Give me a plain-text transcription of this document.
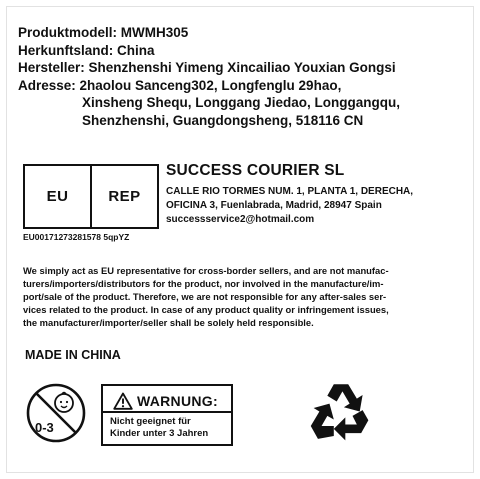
Produktmodell: MWMH305
Herkunftsland: China
Hersteller: Shenzhenshi Yimeng Xincailiao Youxian Gongsi
Adresse: 2haolou Sanceng302, Longfenglu 29hao,
Xinsheng Shequ, Longgang Jiedao, Longgangqu,
Shenzhenshi, Guangdongsheng, 518116 CN
EU	REP
EU00171273281578 5qpYZ
SUCCESS COURIER SL
CALLE RIO TORMES NUM. 1, PLANTA 1, DERECHA,
OFICINA 3, Fuenlabrada, Madrid, 28947 Spain
successservice2@hotmail.com
We simply act as EU representative for cross-border sellers, and are not manufac-
turers/importers/distributors for the product, nor involved in the manufacture/im-
port/sale of the product. Therefore, we are not responsible for any after-sales ser-
vices related to the product. In case of any product quality or infringement issues,
the manufacturer/importer/seller shall be solely held responsible.
MADE IN CHINA
0-3
WARNUNG:
Nicht geeignet für
Kinder unter 3 Jahren
